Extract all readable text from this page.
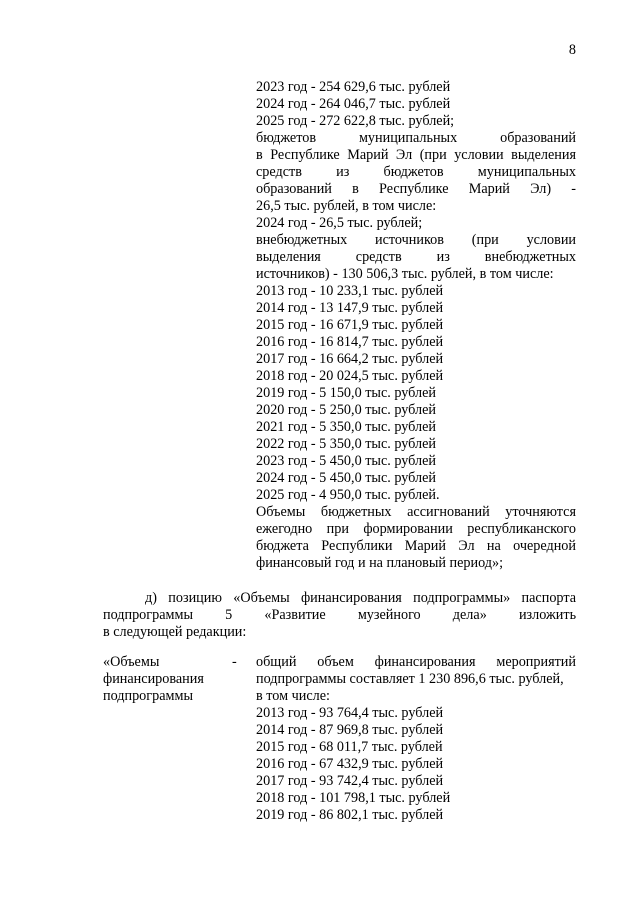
8
2023 год - 254 629,6 тыс. рублей
2024 год - 264 046,7 тыс. рублей
2025 год - 272 622,8 тыс. рублей;
бюджетов	муниципальных	образований
в Республике Марий Эл (при условии выделения
средств из бюджетов муниципальных
образований в Республике Марий Эл) -
26,5 тыс. рублей, в том числе:
2024 год - 26,5 тыс. рублей;
внебюджетных источников (при условии
выделения средств из внебюджетных
источников) - 130 506,3 тыс. рублей, в том числе:
2013 год - 10 233,1 тыс. рублей
2014 год - 13 147,9 тыс. рублей
2015 год - 16 671,9 тыс. рублей
2016 год - 16 814,7 тыс. рублей
2017 год - 16 664,2 тыс. рублей
2018 год - 20 024,5 тыс. рублей
2019 год - 5 150,0 тыс. рублей
2020 год - 5 250,0 тыс. рублей
2021 год - 5 350,0 тыс. рублей
2022 год - 5 350,0 тыс. рублей
2023 год - 5 450,0 тыс. рублей
2024 год - 5 450,0 тыс. рублей
2025 год - 4 950,0 тыс. рублей.
Объемы бюджетных ассигнований уточняются
ежегодно при формировании республиканского
бюджета Республики Марий Эл на очередной
финансовый год и на плановый период»;
д) позицию «Объемы финансирования подпрограммы» паспорта
подпрограммы 5 «Развитие музейного дела» изложить
в следующей редакции:
«Объемы
финансирования
подпрограммы
- общий объем финансирования мероприятий
подпрограммы составляет 1 230 896,6 тыс. рублей,
в том числе:
2013 год - 93 764,4 тыс. рублей
2014 год - 87 969,8 тыс. рублей
2015 год - 68 011,7 тыс. рублей
2016 год - 67 432,9 тыс. рублей
2017 год - 93 742,4 тыс. рублей
2018 год - 101 798,1 тыс. рублей
2019 год - 86 802,1 тыс. рублей
